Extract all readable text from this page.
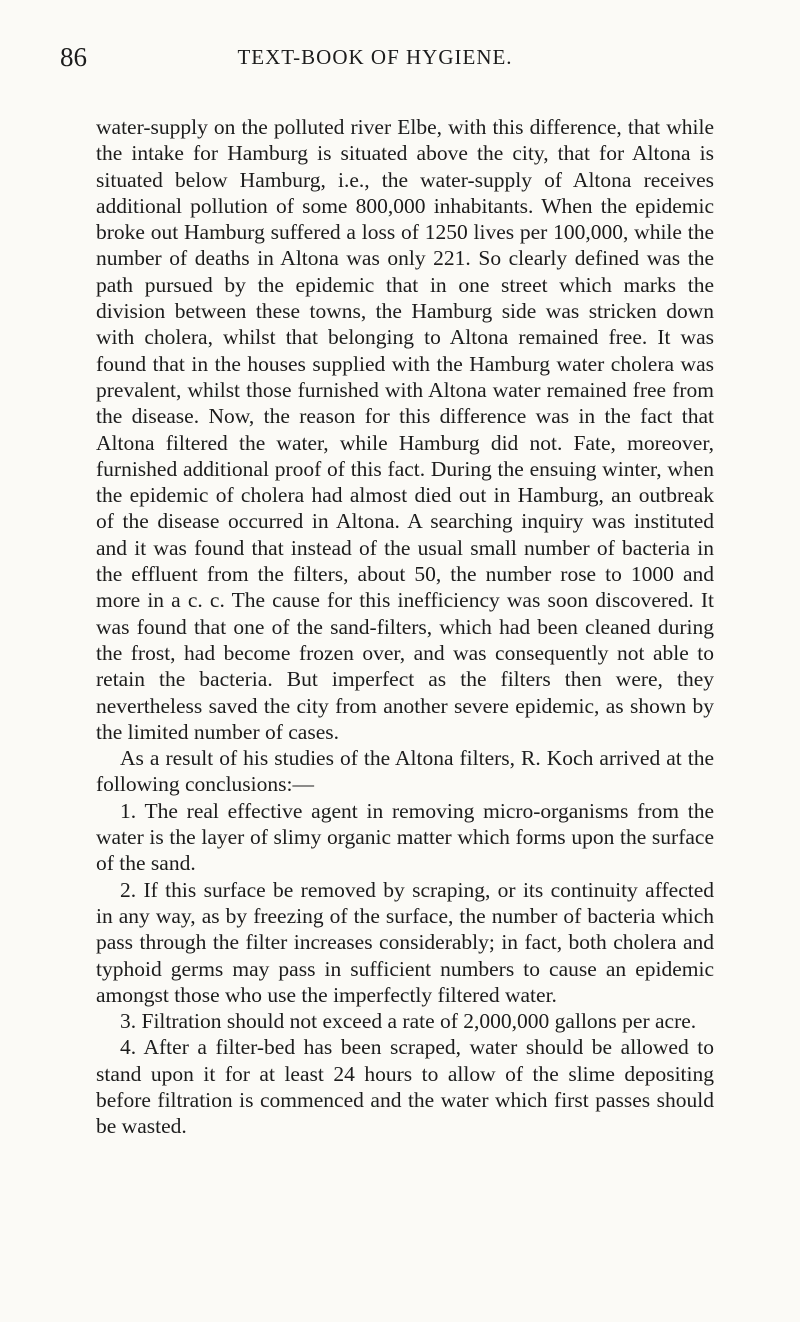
86	TEXT-BOOK OF HYGIENE.

water-supply on the polluted river Elbe, with this difference, that while the intake for Hamburg is situated above the city, that for Altona is situated below Hamburg, i.e., the water-supply of Altona receives additional pollution of some 800,000 inhabitants. When the epidemic broke out Hamburg suffered a loss of 1250 lives per 100,000, while the number of deaths in Altona was only 221. So clearly defined was the path pursued by the epidemic that in one street which marks the division between these towns, the Hamburg side was stricken down with cholera, whilst that belonging to Altona remained free. It was found that in the houses supplied with the Hamburg water cholera was prevalent, whilst those furnished with Altona water remained free from the disease. Now, the reason for this difference was in the fact that Altona filtered the water, while Hamburg did not. Fate, moreover, furnished additional proof of this fact. During the ensuing winter, when the epidemic of cholera had almost died out in Hamburg, an outbreak of the disease occurred in Altona. A searching inquiry was instituted and it was found that instead of the usual small number of bacteria in the effluent from the filters, about 50, the number rose to 1000 and more in a c. c. The cause for this inefficiency was soon discovered. It was found that one of the sand-filters, which had been cleaned during the frost, had become frozen over, and was consequently not able to retain the bacteria. But imperfect as the filters then were, they nevertheless saved the city from another severe epidemic, as shown by the limited number of cases.

As a result of his studies of the Altona filters, R. Koch arrived at the following conclusions:—

1. The real effective agent in removing micro-organisms from the water is the layer of slimy organic matter which forms upon the surface of the sand.

2. If this surface be removed by scraping, or its continuity affected in any way, as by freezing of the surface, the number of bacteria which pass through the filter increases considerably; in fact, both cholera and typhoid germs may pass in sufficient numbers to cause an epidemic amongst those who use the imperfectly filtered water.

3. Filtration should not exceed a rate of 2,000,000 gallons per acre.

4. After a filter-bed has been scraped, water should be allowed to stand upon it for at least 24 hours to allow of the slime depositing before filtration is commenced and the water which first passes should be wasted.
